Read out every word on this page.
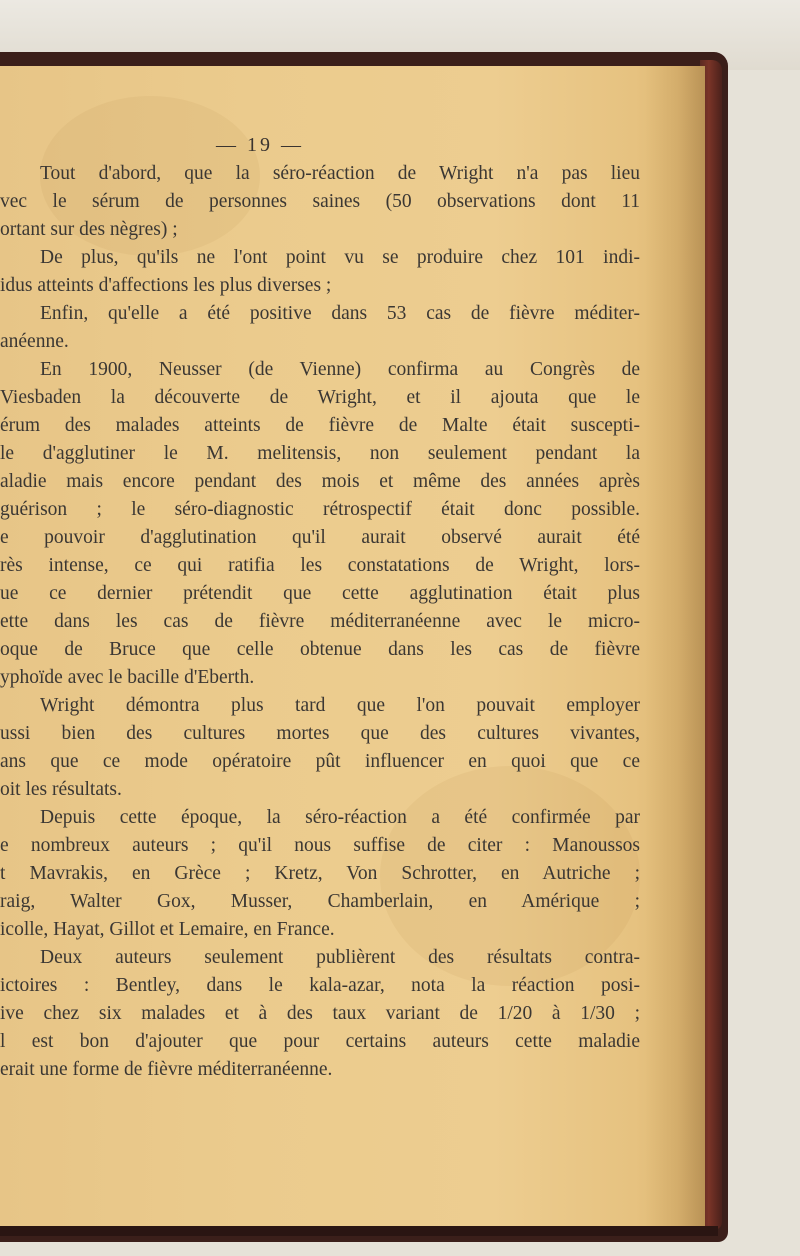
— 19 —
Tout d'abord, que la séro-réaction de Wright n'a pas lieu
vec le sérum de personnes saines (50 observations dont 11
ortant sur des nègres) ;
De plus, qu'ils ne l'ont point vu se produire chez 101 indi-
idus atteints d'affections les plus diverses ;
Enfin, qu'elle a été positive dans 53 cas de fièvre méditer-
anéenne.
En 1900, Neusser (de Vienne) confirma au Congrès de
Viesbaden la découverte de Wright, et il ajouta que le
érum des malades atteints de fièvre de Malte était suscepti-
le d'agglutiner le M. melitensis, non seulement pendant la
aladie mais encore pendant des mois et même des années après
guérison ; le séro-diagnostic rétrospectif était donc possible.
e pouvoir d'agglutination qu'il aurait observé aurait été
rès intense, ce qui ratifia les constatations de Wright, lors-
ue ce dernier prétendit que cette agglutination était plus
ette dans les cas de fièvre méditerranéenne avec le micro-
oque de Bruce que celle obtenue dans les cas de fièvre
yphoïde avec le bacille d'Eberth.
Wright démontra plus tard que l'on pouvait employer
ussi bien des cultures mortes que des cultures vivantes,
ans que ce mode opératoire pût influencer en quoi que ce
oit les résultats.
Depuis cette époque, la séro-réaction a été confirmée par
e nombreux auteurs ; qu'il nous suffise de citer : Manoussos
t Mavrakis, en Grèce ; Kretz, Von Schrotter, en Autriche ;
raig, Walter Gox, Musser, Chamberlain, en Amérique ;
icolle, Hayat, Gillot et Lemaire, en France.
Deux auteurs seulement publièrent des résultats contra-
ictoires : Bentley, dans le kala-azar, nota la réaction posi-
ive chez six malades et à des taux variant de 1/20 à 1/30 ;
l est bon d'ajouter que pour certains auteurs cette maladie
erait une forme de fièvre méditerranéenne.
